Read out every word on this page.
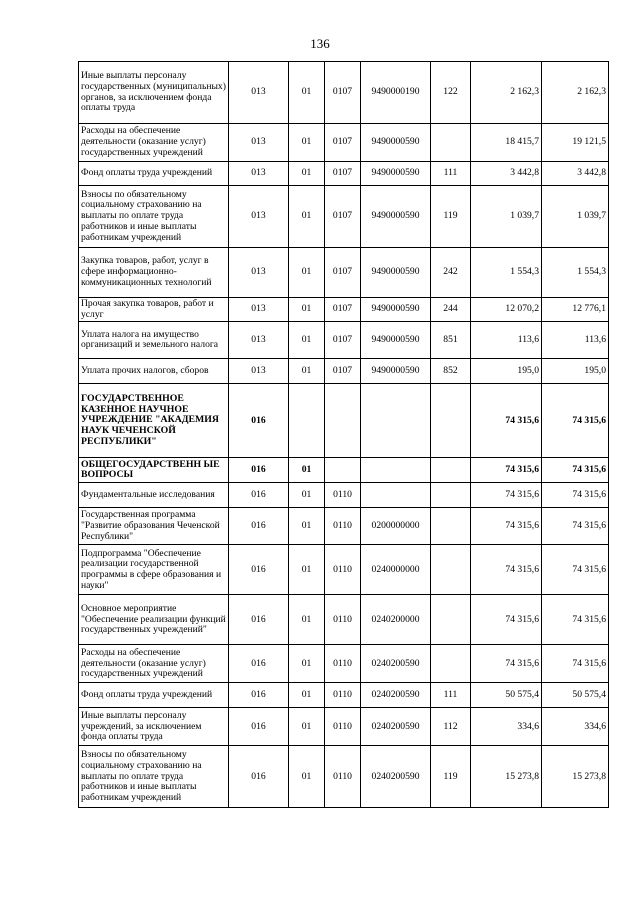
136
Иные выплаты персоналу государственных (муниципальных) органов, за исключением фонда оплаты труда	013	01	0107	9490000190	122	2 162,3	2 162,3
Расходы на обеспечение деятельности (оказание услуг) государственных учреждений	013	01	0107	9490000590		18 415,7	19 121,5
Фонд оплаты труда учреждений	013	01	0107	9490000590	111	3 442,8	3 442,8
Взносы по обязательному социальному страхованию на выплаты по оплате труда работников и иные выплаты работникам учреждений	013	01	0107	9490000590	119	1 039,7	1 039,7
Закупка товаров, работ, услуг в сфере информационно-коммуникационных технологий	013	01	0107	9490000590	242	1 554,3	1 554,3
Прочая закупка товаров, работ и услуг	013	01	0107	9490000590	244	12 070,2	12 776,1
Уплата налога на имущество организаций и земельного налога	013	01	0107	9490000590	851	113,6	113,6
Уплата прочих налогов, сборов	013	01	0107	9490000590	852	195,0	195,0
ГОСУДАРСТВЕННОЕ КАЗЕННОЕ НАУЧНОЕ УЧРЕЖДЕНИЕ "АКАДЕМИЯ НАУК ЧЕЧЕНСКОЙ РЕСПУБЛИКИ"	016					74 315,6	74 315,6
ОБЩЕГОСУДАРСТВЕНН ЫЕ ВОПРОСЫ	016	01				74 315,6	74 315,6
Фундаментальные исследования	016	01	0110			74 315,6	74 315,6
Государственная программа "Развитие образования Чеченской Республики"	016	01	0110	0200000000		74 315,6	74 315,6
Подпрограмма "Обеспечение реализации государственной программы в сфере образования и науки"	016	01	0110	0240000000		74 315,6	74 315,6
Основное мероприятие "Обеспечение реализации функций государственных учреждений"	016	01	0110	0240200000		74 315,6	74 315,6
Расходы на обеспечение деятельности (оказание услуг) государственных учреждений	016	01	0110	0240200590		74 315,6	74 315,6
Фонд оплаты труда учреждений	016	01	0110	0240200590	111	50 575,4	50 575,4
Иные выплаты персоналу учреждений, за исключением фонда оплаты труда	016	01	0110	0240200590	112	334,6	334,6
Взносы по обязательному социальному страхованию на выплаты по оплате труда работников и иные выплаты работникам учреждений	016	01	0110	0240200590	119	15 273,8	15 273,8
